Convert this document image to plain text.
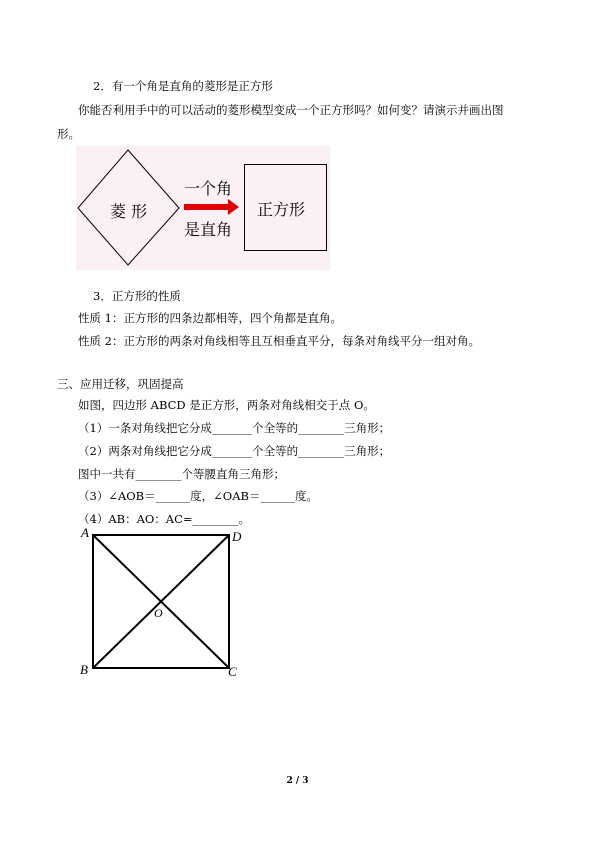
2．有一个角是直角的菱形是正方形
你能否利用手中的可以活动的菱形模型变成一个正方形吗？如何变？请演示并画出图
形。
菱 形
一个角
是直角
正方形
3．正方形的性质
性质 1：正方形的四条边都相等，四个角都是直角。
性质 2：正方形的两条对角线相等且互相垂直平分，每条对角线平分一组对角。
三、应用迁移，巩固提高
如图，四边形 ABCD 是正方形，两条对角线相交于点 O。
（1）一条对角线把它分成_______个全等的________三角形；
（2）两条对角线把它分成_______个全等的________三角形；
图中一共有________个等腰直角三角形；
（3）∠AOB＝______度，∠OAB＝______度。
（4）AB：AO：AC=________。
A	D
B	C
O
2 / 3
